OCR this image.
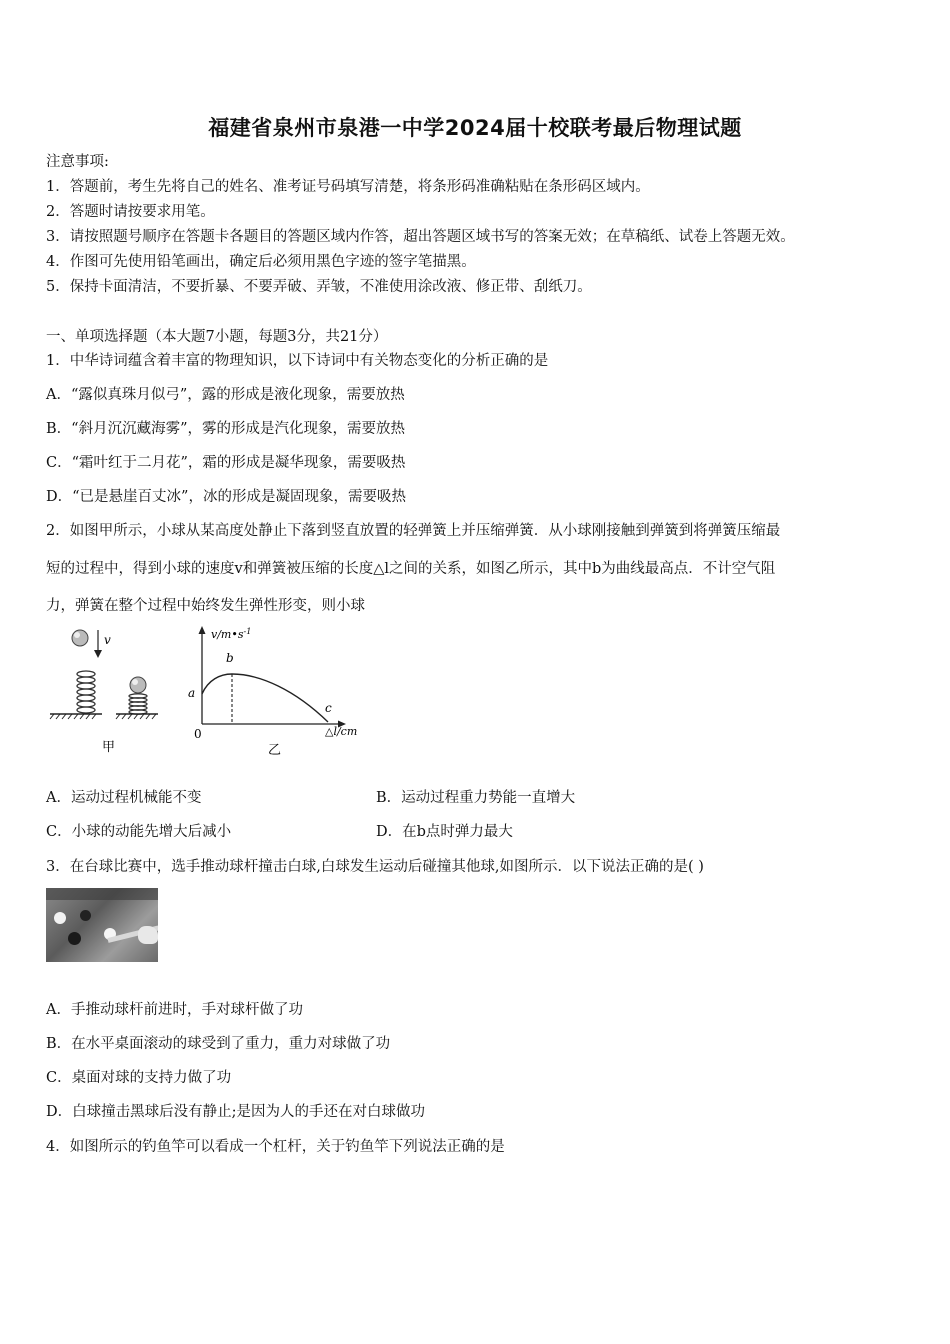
福建省泉州市泉港一中学2024届十校联考最后物理试题
注意事项:
1．答题前，考生先将自己的姓名、准考证号码填写清楚，将条形码准确粘贴在条形码区域内。
2．答题时请按要求用笔。
3．请按照题号顺序在答题卡各题目的答题区域内作答，超出答题区域书写的答案无效；在草稿纸、试卷上答题无效。
4．作图可先使用铅笔画出，确定后必须用黑色字迹的签字笔描黑。
5．保持卡面清洁，不要折暴、不要弄破、弄皱，不准使用涂改液、修正带、刮纸刀。
一、单项选择题（本大题7小题，每题3分，共21分）
1．中华诗词蕴含着丰富的物理知识，以下诗词中有关物态变化的分析正确的是
A．“露似真珠月似弓”，露的形成是液化现象，需要放热
B．“斜月沉沉藏海雾”，雾的形成是汽化现象，需要放热
C．“霜叶红于二月花”，霜的形成是凝华现象，需要吸热
D．“已是悬崖百丈冰”，冰的形成是凝固现象，需要吸热
2．如图甲所示，小球从某高度处静止下落到竖直放置的轻弹簧上并压缩弹簧．从小球刚接触到弹簧到将弹簧压缩最
短的过程中，得到小球的速度v和弹簧被压缩的长度△l之间的关系，如图乙所示，其中b为曲线最高点．不计空气阻
力，弹簧在整个过程中始终发生弹性形变，则小球
v
甲
$v/m•s^{-1}$
b
a
c
0	△l/cm
乙
A．运动过程机械能不变	B．运动过程重力势能一直增大
C．小球的动能先增大后减小	D．在b点时弹力最大
3．在台球比赛中，选手推动球杆撞击白球,白球发生运动后碰撞其他球,如图所示．以下说法正确的是( )
A．手推动球杆前进时，手对球杆做了功
B．在水平桌面滚动的球受到了重力，重力对球做了功
C．桌面对球的支持力做了功
D．白球撞击黑球后没有静止;是因为人的手还在对白球做功
4．如图所示的钓鱼竿可以看成一个杠杆，关于钓鱼竿下列说法正确的是
